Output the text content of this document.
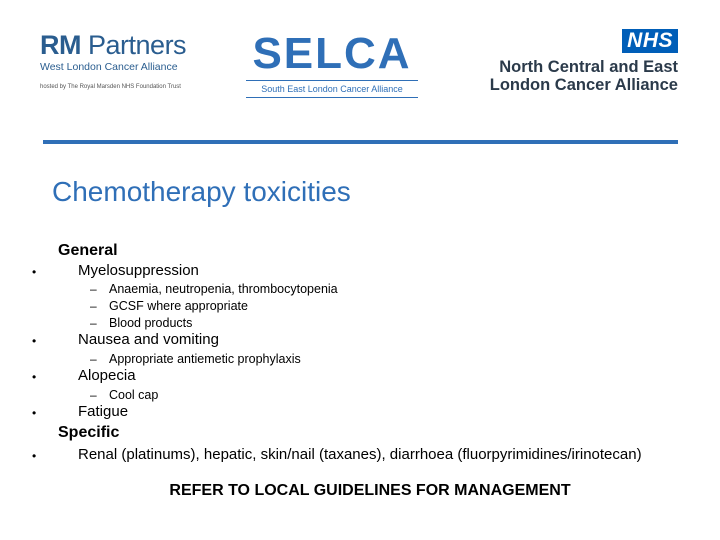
RM Partners
West London Cancer Alliance
hosted by The Royal Marsden NHS Foundation Trust
SELCA
South East London Cancer Alliance
NHS
North Central and East
London Cancer Alliance
Chemotherapy toxicities
General
•	Myelosuppression
– Anaemia, neutropenia, thrombocytopenia
– GCSF where appropriate
– Blood products
•	Nausea and vomiting
– Appropriate antiemetic prophylaxis
•	Alopecia
– Cool cap
•	Fatigue
Specific
•	Renal (platinums), hepatic, skin/nail (taxanes), diarrhoea (fluorpyrimidines/irinotecan)
REFER TO LOCAL GUIDELINES FOR MANAGEMENT
